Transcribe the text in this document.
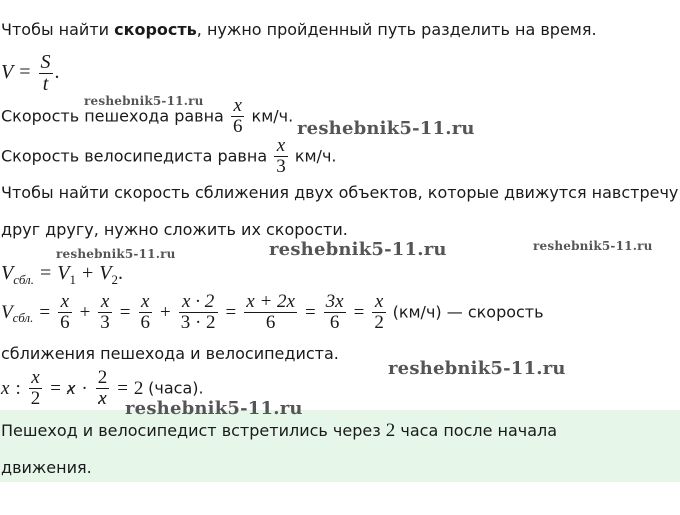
Чтобы найти скорость, нужно пройденный путь разделить на время.
$V = \frac{S}{t}$ .
Скорость пешехода равна $\frac{x}{6} км/ч$.
Скорость велосипедиста равна $\frac{x}{3} км/ч$.
Чтобы найти скорость сближения двух объектов, которые движутся навстречу
друг другу, нужно сложить их скорости.
$V_{сбл.} = V_1 + V_2$.
$V_{сбл.} = \frac{x}{6} + \frac{x}{3} = \frac{x}{6} + \frac{x \cdot 2}{3 \cdot 2} = \frac{x + 2x}{6} = \frac{3x}{6} = \frac{x}{2} (км/ч)$ — скорость
сближения пешехода и велосипедиста.
x : $\frac{x}{2} = x \cdot \frac{2}{x} = 2$ (часа).
Пешеход и велосипедист встретились через 2 часа после начала
движения.
reshebnik5-11.ru
reshebnik5-11.ru
reshebnik5-11.ru	reshebnik5-11.ru	reshebnik5-11.ru
reshebnik5-11.ru
reshebnik5-11.ru
